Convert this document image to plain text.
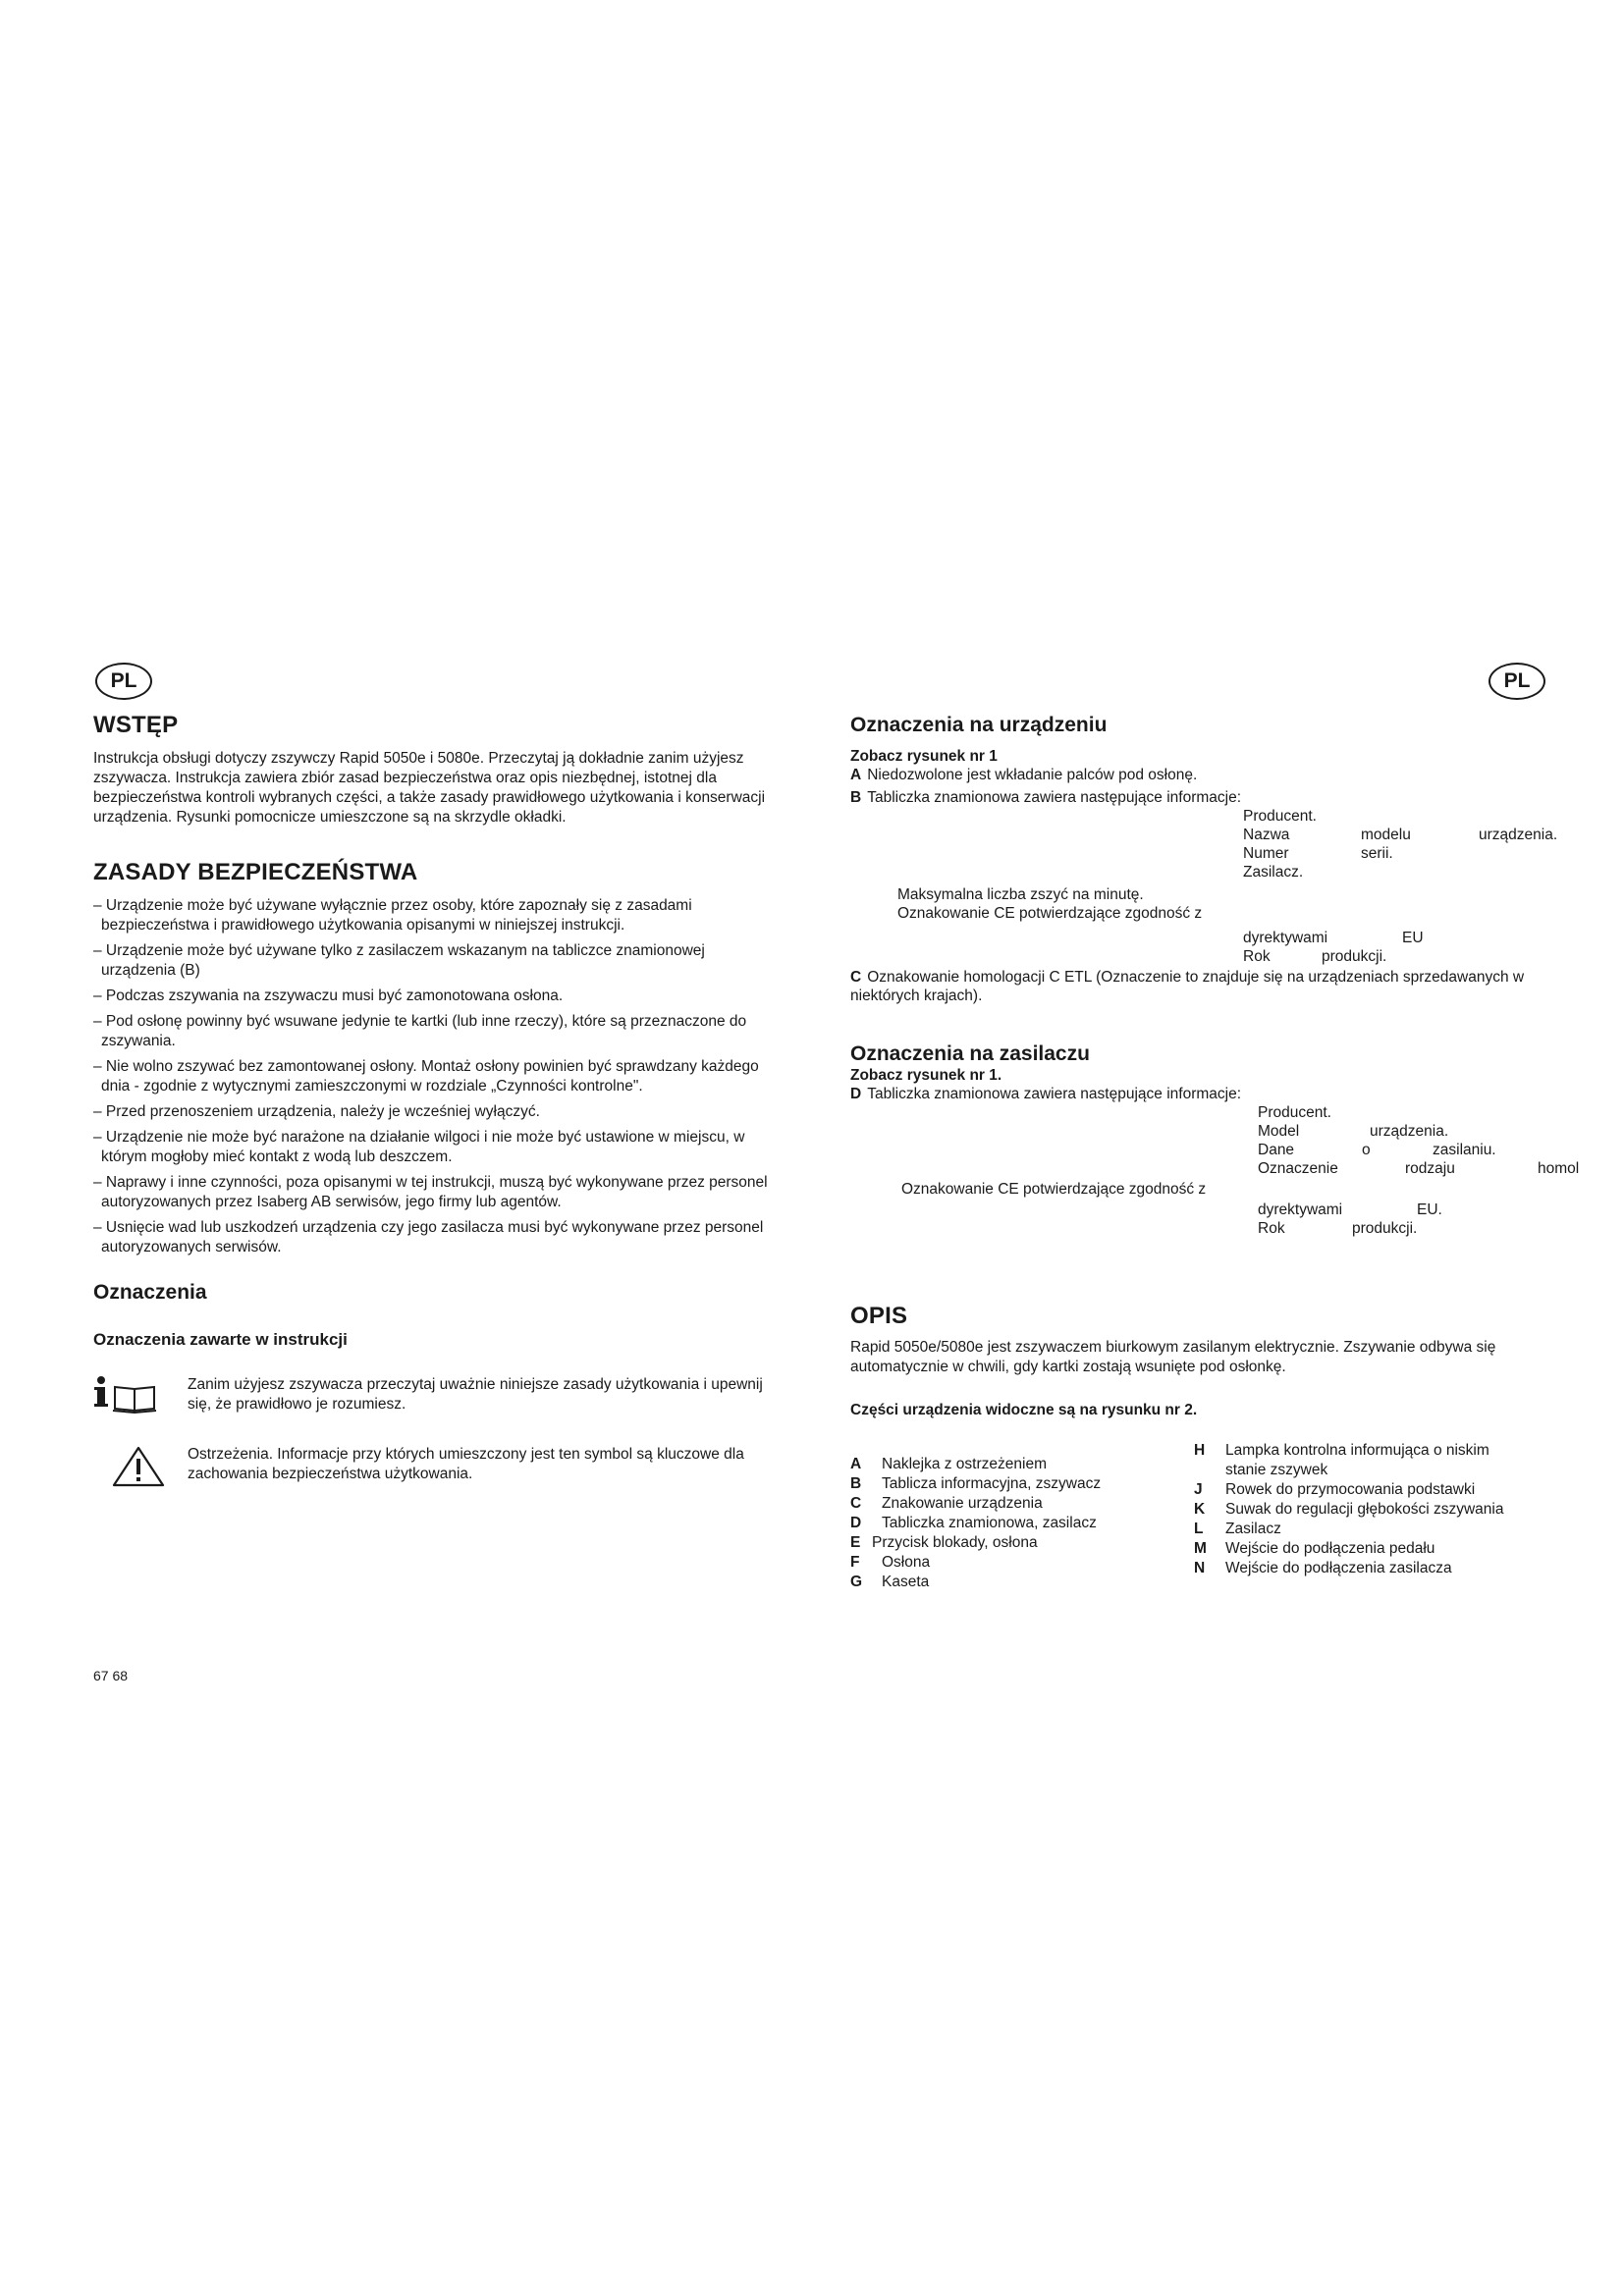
PL	PL
WSTĘP

Instrukcja obsługi dotyczy zszywczy Rapid 5050e i 5080e. Przeczytaj ją dokładnie zanim użyjesz zszywacza. Instrukcja zawiera zbiór zasad bezpieczeństwa oraz opis niezbędnej, istotnej dla bezpieczeństwa kontroli wybranych części, a także zasady prawidłowego użytkowania i konserwacji urządzenia. Rysunki pomocnicze umieszczone są na skrzydle okładki.

ZASADY BEZPIECZEŃSTWA
– Urządzenie może być używane wyłącznie przez osoby, które zapoznały się z zasadami bezpieczeństwa i prawidłowego użytkowania opisanymi w niniejszej instrukcji.
– Urządzenie może być używane tylko z zasilaczem wskazanym na tabliczce znamionowej urządzenia (B)
– Podczas zszywania na zszywaczu musi być zamonotowana osłona.
– Pod osłonę powinny być wsuwane jedynie te kartki (lub inne rzeczy), które są przeznaczone do zszywania.
– Nie wolno zszywać bez zamontowanej osłony. Montaż osłony powinien być sprawdzany każdego dnia - zgodnie z wytycznymi zamieszczonymi w rozdziale „Czynności kontrolne".
– Przed przenoszeniem urządzenia, należy je wcześniej wyłączyć.
– Urządzenie nie może być narażone na działanie wilgoci i nie może być ustawione w miejscu, w którym mogłoby mieć kontakt z wodą lub deszczem.
– Naprawy i inne czynności, poza opisanymi w tej instrukcji, muszą być wykonywane przez personel autoryzowanych przez Isaberg AB serwisów, jego firmy lub agentów.
– Usnięcie wad lub uszkodzeń urządzenia czy jego zasilacza musi być wykonywane przez personel autoryzowanych serwisów.
Oznaczenia
Oznaczenia zawarte w instrukcji
Zanim użyjesz zszywacza przeczytaj uważnie niniejsze zasady użytkowania i upewnij się, że prawidłowo je rozumiesz.
Ostrzeżenia. Informacje przy których umieszczony jest ten symbol są kluczowe dla zachowania bezpieczeństwa użytkowania.
67 68
Oznaczenia na urządzeniu
Zobacz rysunek nr 1
A Niedozwolone jest wkładanie palców pod osłonę.
B Tabliczka znamionowa zawiera następujące informacje:
Producent.
Nazwa	modelu	urządzenia.
Numer	serii.
Zasilacz.
Maksymalna liczba zszyć na minutę.
Oznakowanie CE potwierdzające zgodność z
dyrektywami	EU
Rok	produkcji.
C Oznakowanie homologacji C ETL (Oznaczenie to znajduje się na urządzeniach sprzedawanych w niektórych krajach).
Oznaczenia na zasilaczu
Zobacz rysunek nr 1.
D Tabliczka znamionowa zawiera następujące informacje:
Producent.
Model	urządzenia.
Dane	o	zasilaniu.
Oznaczenie	rodzaju	homol
Oznakowanie CE potwierdzające zgodność z
dyrektywami	EU.
Rok	produkcji.
OPIS

Rapid 5050e/5080e jest zszywaczem biurkowym zasilanym elektrycznie. Zszywanie odbywa się automatycznie w chwili, gdy kartki zostają wsunięte pod osłonkę.

Części urządzenia widoczne są na rysunku nr 2.
A	Naklejka z ostrzeżeniem
B	Tablicza informacyjna, zszywacz
C	Znakowanie urządzenia
D	Tabliczka znamionowa, zasilacz
E Przycisk blokady, osłona
F	Osłona
G	Kaseta
H	Lampka kontrolna informująca o niskim stanie zszywek
J	Rowek do przymocowania podstawki
K	Suwak do regulacji głębokości zszywania
L	Zasilacz
M	Wejście do podłączenia pedału
N	Wejście do podłączenia zasilacza
